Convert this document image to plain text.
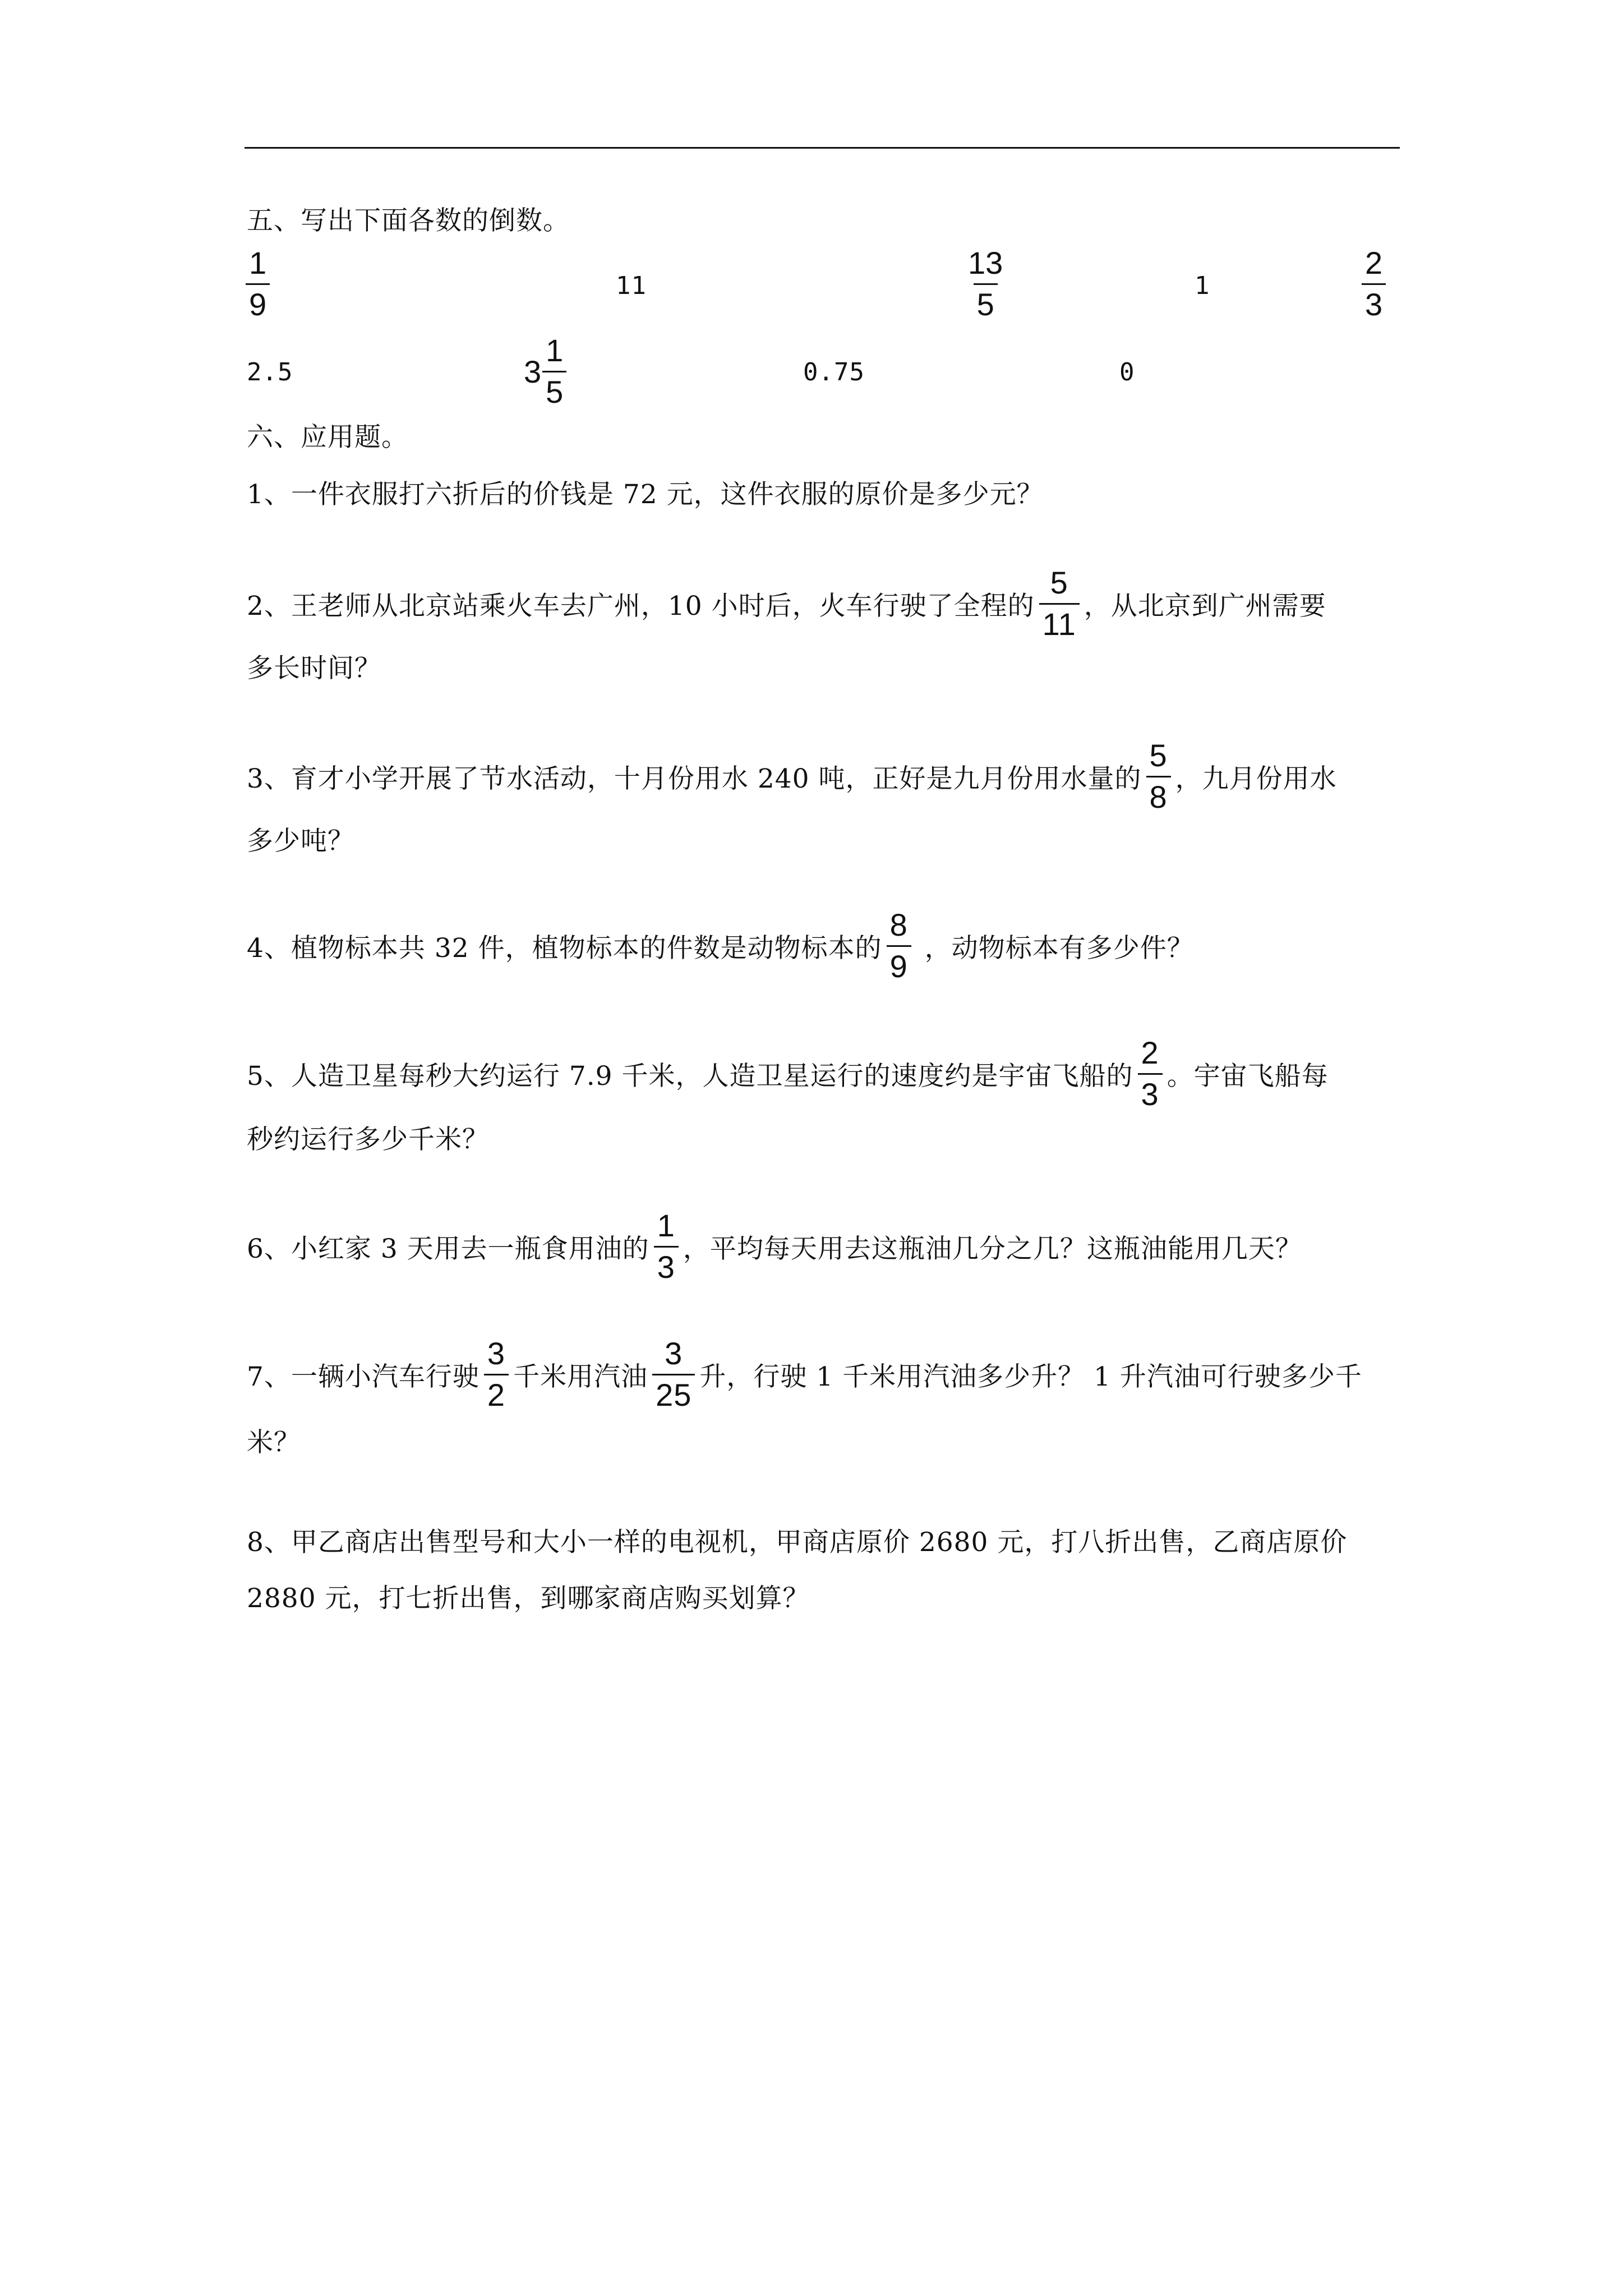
五、写出下面各数的倒数。
$\frac{1}{9}$	11	$\frac{13}{5}$	1	$\frac{2}{3}$
2.5	$3 \frac{1}{5}$	0.75	0
六、应用题。
1、一件衣服打六折后的价钱是 72 元，这件衣服的原价是多少元？
2、王老师从北京站乘火车去广州，10 小时后，火车行驶了全程的 $\frac{5}{11}$ ，从北京到广州需要
多长时间？
3、育才小学开展了节水活动，十月份用水 240 吨，正好是九月份用水量的 $\frac{5}{8}$ ，九月份用水
多少吨？
4、植物标本共 32 件，植物标本的件数是动物标本的 $\frac{8}{9}$ ，动物标本有多少件？
5、人造卫星每秒大约运行 7.9 千米，人造卫星运行的速度约是宇宙飞船的 $\frac{2}{3}$ 。宇宙飞船每
秒约运行多少千米？
6、小红家 3 天用去一瓶食用油的 $\frac{1}{3}$ ，平均每天用去这瓶油几分之几？这瓶油能用几天？
7、一辆小汽车行驶 $\frac{3}{2}$ 千米用汽油 $\frac{3}{25}$ 升，行驶 1 千米用汽油多少升？ 1 升汽油可行驶多少千
米？
8、甲乙商店出售型号和大小一样的电视机，甲商店原价 2680 元，打八折出售，乙商店原价
2880 元，打七折出售，到哪家商店购买划算？
